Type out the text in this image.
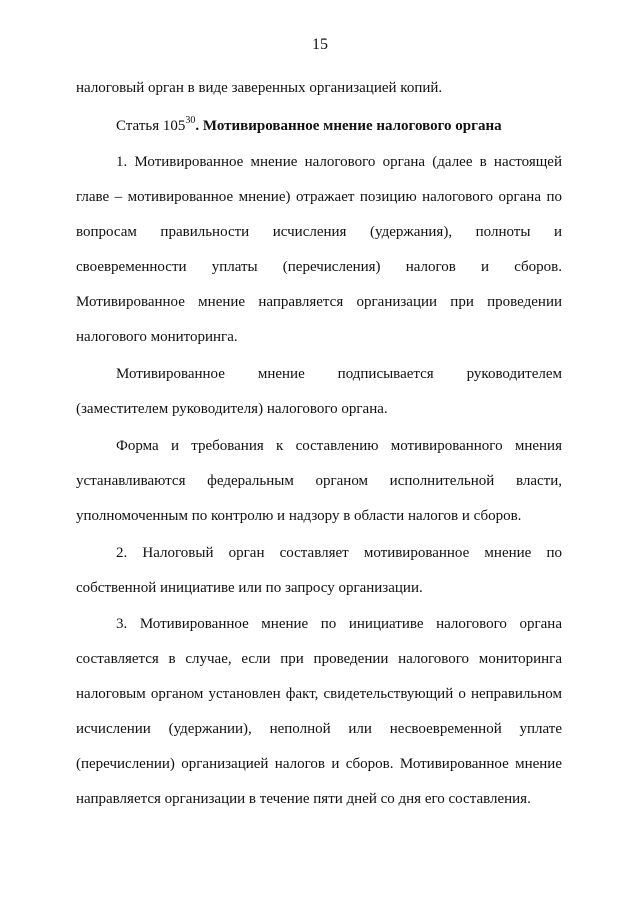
15
налоговый орган в виде заверенных организацией копий.
Статья $105^{30}$. Мотивированное мнение налогового органа
1. Мотивированное мнение налогового органа (далее в настоящей
главе – мотивированное мнение) отражает позицию налогового органа по
вопросам правильности исчисления (удержания), полноты и
своевременности уплаты (перечисления) налогов и сборов.
Мотивированное мнение направляется организации при проведении
налогового мониторинга.
Мотивированное мнение подписывается руководителем
(заместителем руководителя) налогового органа.
Форма и требования к составлению мотивированного мнения
устанавливаются федеральным органом исполнительной власти,
уполномоченным по контролю и надзору в области налогов и сборов.
2. Налоговый орган составляет мотивированное мнение по
собственной инициативе или по запросу организации.
3. Мотивированное мнение по инициативе налогового органа
составляется в случае, если при проведении налогового мониторинга
налоговым органом установлен факт, свидетельствующий о неправильном
исчислении (удержании), неполной или несвоевременной уплате
(перечислении) организацией налогов и сборов. Мотивированное мнение
направляется организации в течение пяти дней со дня его составления.
